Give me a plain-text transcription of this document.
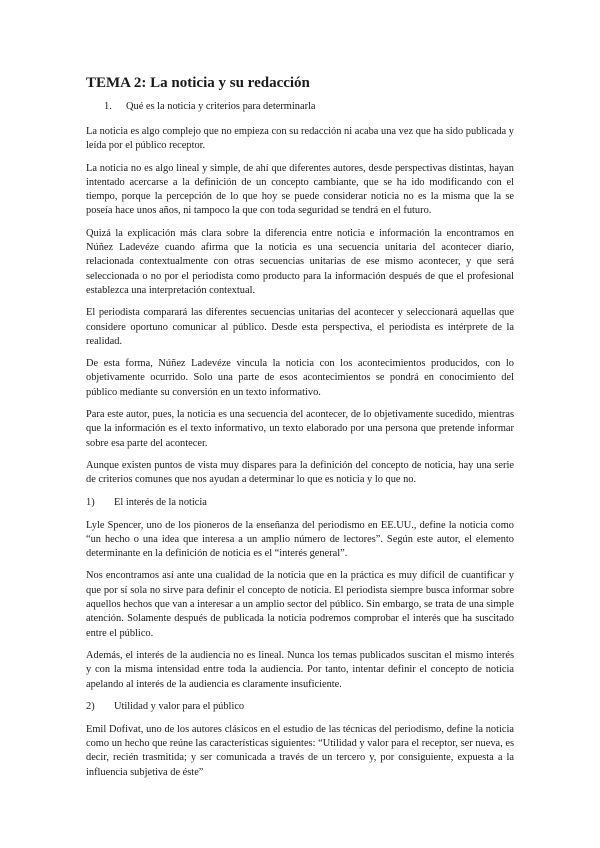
TEMA 2: La noticia y su redacción
1.	Qué es la noticia y criterios para determinarla

La noticia es algo complejo que no empieza con su redacción ni acaba una vez que ha sido publicada y leída por el público receptor.

La noticia no es algo lineal y simple, de ahí que diferentes autores, desde perspectivas distintas, hayan intentado acercarse a la definición de un concepto cambiante, que se ha ido modificando con el tiempo, porque la percepción de lo que hoy se puede considerar noticia no es la misma que la se poseía hace unos años, ni tampoco la que con toda seguridad se tendrá en el futuro.

Quizá la explicación más clara sobre la diferencia entre noticia e información la encontramos en Núñez Ladevéze cuando afirma que la noticia es una secuencia unitaria del acontecer diario, relacionada contextualmente con otras secuencias unitarias de ese mismo acontecer, y que será seleccionada o no por el periodista como producto para la información después de que el profesional establezca una interpretación contextual.

El periodista comparará las diferentes secuencias unitarias del acontecer y seleccionará aquellas que considere oportuno comunicar al público. Desde esta perspectiva, el periodista es intérprete de la realidad.

De esta forma, Núñez Ladevéze vincula la noticia con los acontecimientos producidos, con lo objetivamente ocurrido. Solo una parte de esos acontecimientos se pondrá en conocimiento del público mediante su conversión en un texto informativo.

Para este autor, pues, la noticia es una secuencia del acontecer, de lo objetivamente sucedido, mientras que la información es el texto informativo, un texto elaborado por una persona que pretende informar sobre esa parte del acontecer.

Aunque existen puntos de vista muy dispares para la definición del concepto de noticia, hay una serie de criterios comunes que nos ayudan a determinar lo que es noticia y lo que no.

1)	El interés de la noticia

Lyle Spencer, uno de los pioneros de la enseñanza del periodismo en EE.UU., define la noticia como “un hecho o una idea que interesa a un amplio número de lectores”. Según este autor, el elemento determinante en la definición de noticia es el “interés general”.

Nos encontramos así ante una cualidad de la noticia que en la práctica es muy difícil de cuantificar y que por sí sola no sirve para definir el concepto de noticia. El periodista siempre busca informar sobre aquellos hechos que van a interesar a un amplio sector del público. Sin embargo, se trata de una simple atención. Solamente después de publicada la noticia podremos comprobar el interés que ha suscitado entre el público.

Además, el interés de la audiencia no es lineal. Nunca los temas publicados suscitan el mismo interés y con la misma intensidad entre toda la audiencia. Por tanto, intentar definir el concepto de noticia apelando al interés de la audiencia es claramente insuficiente.

2)	Utilidad y valor para el público

Emil Dofivat, uno de los autores clásicos en el estudio de las técnicas del periodismo, define la noticia como un hecho que reúne las características siguientes: “Utilidad y valor para el receptor, ser nueva, es decir, recién trasmitida; y ser comunicada a través de un tercero y, por consiguiente, expuesta a la influencia subjetiva de éste”
